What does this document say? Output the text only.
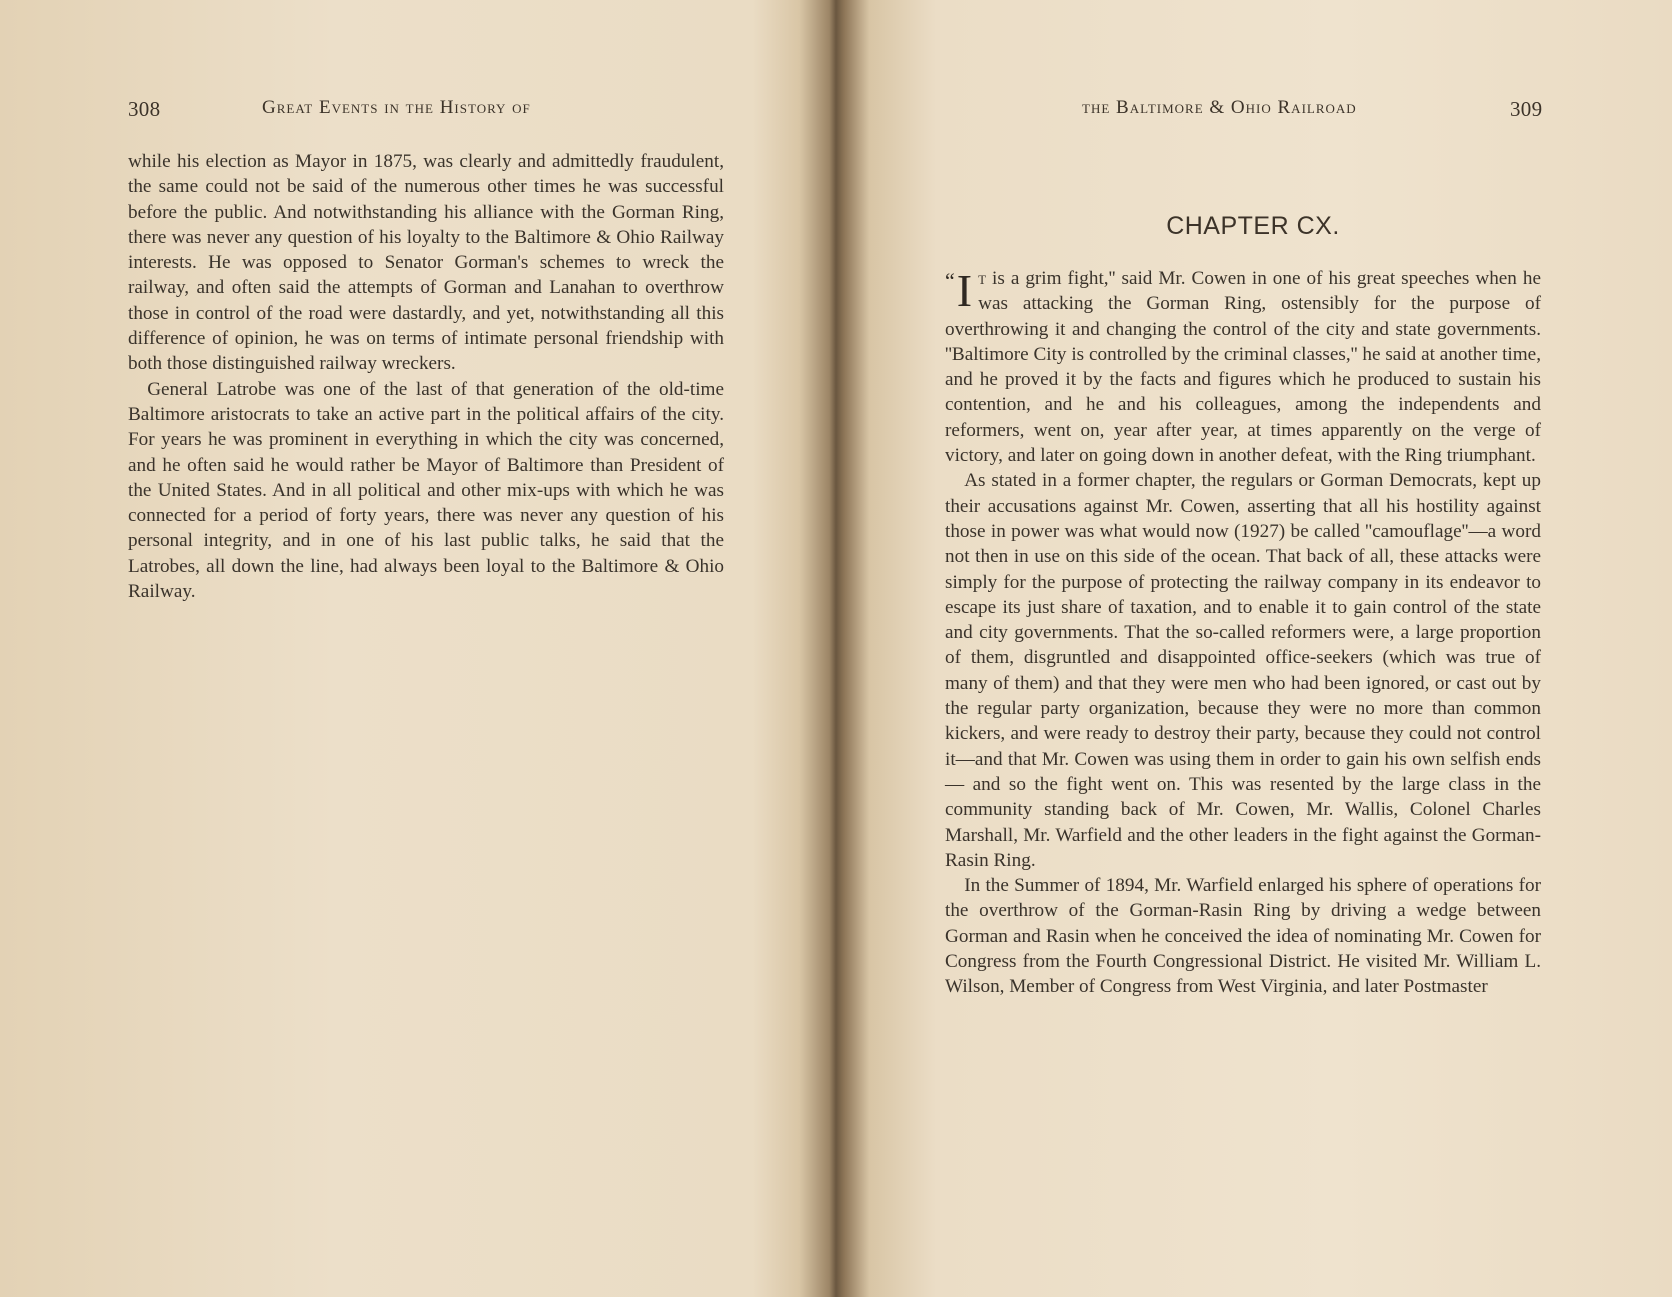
308	Great Events in the History of

while his election as Mayor in 1875, was clearly and admittedly fraudulent, the same could not be said of the numerous other times he was successful before the public. And notwithstanding his alliance with the Gorman Ring, there was never any question of his loyalty to the Baltimore & Ohio Railway interests. He was opposed to Senator Gorman's schemes to wreck the railway, and often said the attempts of Gorman and Lanahan to overthrow those in control of the road were dastardly, and yet, notwithstanding all this difference of opinion, he was on terms of intimate personal friendship with both those distinguished railway wreckers.

General Latrobe was one of the last of that generation of the old-time Baltimore aristocrats to take an active part in the political affairs of the city. For years he was prominent in everything in which the city was concerned, and he often said he would rather be Mayor of Baltimore than President of the United States. And in all political and other mix-ups with which he was connected for a period of forty years, there was never any question of his personal integrity, and in one of his last public talks, he said that the Latrobes, all down the line, had always been loyal to the Baltimore & Ohio Railway.

the Baltimore & Ohio Railroad	309
CHAPTER CX.

“I t is a grim fight,'' said Mr. Cowen in one of his great speeches when he was attacking the Gorman Ring, ostensibly for the purpose of overthrowing it and changing the control of the city and state governments. ''Baltimore City is controlled by the criminal classes,'' he said at another time, and he proved it by the facts and figures which he produced to sustain his contention, and he and his colleagues, among the independents and reformers, went on, year after year, at times apparently on the verge of victory, and later on going down in another defeat, with the Ring triumphant.

As stated in a former chapter, the regulars or Gorman Democrats, kept up their accusations against Mr. Cowen, asserting that all his hostility against those in power was what would now (1927) be called ''camouflage''—a word not then in use on this side of the ocean. That back of all, these attacks were simply for the purpose of protecting the railway company in its endeavor to escape its just share of taxation, and to enable it to gain control of the state and city governments. That the so-called reformers were, a large proportion of them, disgruntled and disappointed office-seekers (which was true of many of them) and that they were men who had been ignored, or cast out by the regular party organization, because they were no more than common kickers, and were ready to destroy their party, because they could not control it—and that Mr. Cowen was using them in order to gain his own selfish ends— and so the fight went on. This was resented by the large class in the community standing back of Mr. Cowen, Mr. Wallis, Colonel Charles Marshall, Mr. Warfield and the other leaders in the fight against the Gorman-Rasin Ring.

In the Summer of 1894, Mr. Warfield enlarged his sphere of operations for the overthrow of the Gorman-Rasin Ring by driving a wedge between Gorman and Rasin when he conceived the idea of nominating Mr. Cowen for Congress from the Fourth Congressional District. He visited Mr. William L. Wilson, Member of Congress from West Virginia, and later Postmaster
